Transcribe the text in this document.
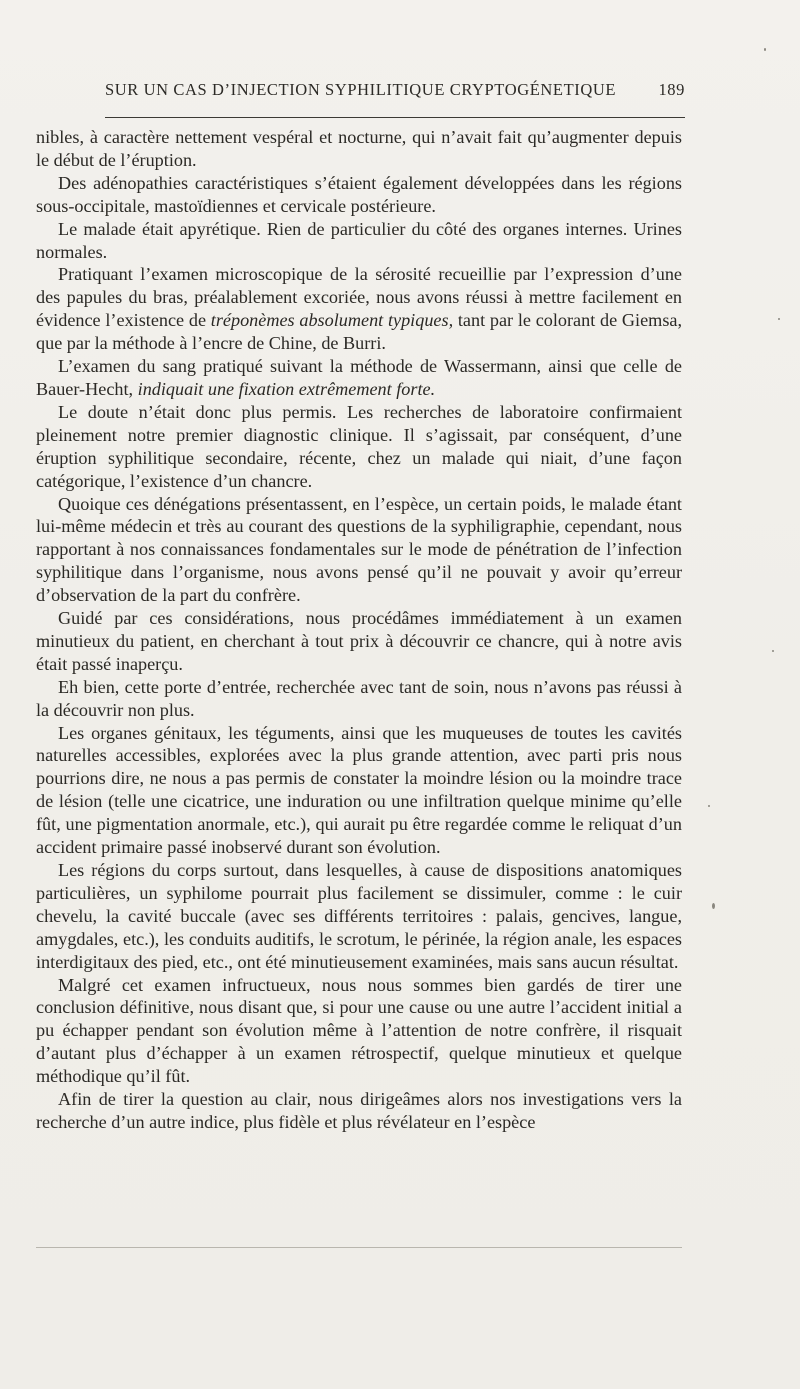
SUR UN CAS D’INJECTION SYPHILITIQUE CRYPTOGÉNETIQUE	189

nibles, à caractère nettement vespéral et nocturne, qui n’avait fait qu’augmenter depuis le début de l’éruption.

Des adénopathies caractéristiques s’étaient également développées dans les régions sous-occipitale, mastoïdiennes et cervicale postérieure.

Le malade était apyrétique. Rien de particulier du côté des organes internes. Urines normales.

Pratiquant l’examen microscopique de la sérosité recueillie par l’expression d’une des papules du bras, préalablement excoriée, nous avons réussi à mettre facilement en évidence l’existence de tréponèmes absolument typiques, tant par le colorant de Giemsa, que par la méthode à l’encre de Chine, de Burri.

L’examen du sang pratiqué suivant la méthode de Wassermann, ainsi que celle de Bauer-Hecht, indiquait une fixation extrêmement forte.

Le doute n’était donc plus permis. Les recherches de laboratoire confirmaient pleinement notre premier diagnostic clinique. Il s’agissait, par conséquent, d’une éruption syphilitique secondaire, récente, chez un malade qui niait, d’une façon catégorique, l’existence d’un chancre.

Quoique ces dénégations présentassent, en l’espèce, un certain poids, le malade étant lui-même médecin et très au courant des questions de la syphiligraphie, cependant, nous rapportant à nos connaissances fondamentales sur le mode de pénétration de l’infection syphilitique dans l’organisme, nous avons pensé qu’il ne pouvait y avoir qu’erreur d’observation de la part du confrère.

Guidé par ces considérations, nous procédâmes immédiatement à un examen minutieux du patient, en cherchant à tout prix à découvrir ce chancre, qui à notre avis était passé inaperçu.

Eh bien, cette porte d’entrée, recherchée avec tant de soin, nous n’avons pas réussi à la découvrir non plus.

Les organes génitaux, les téguments, ainsi que les muqueuses de toutes les cavités naturelles accessibles, explorées avec la plus grande attention, avec parti pris nous pourrions dire, ne nous a pas permis de constater la moindre lésion ou la moindre trace de lésion (telle une cicatrice, une induration ou une infiltration quelque minime qu’elle fût, une pigmentation anormale, etc.), qui aurait pu être regardée comme le reliquat d’un accident primaire passé inobservé durant son évolution.

Les régions du corps surtout, dans lesquelles, à cause de dispositions anatomiques particulières, un syphilome pourrait plus facilement se dissimuler, comme : le cuir chevelu, la cavité buccale (avec ses différents territoires : palais, gencives, langue, amygdales, etc.), les conduits auditifs, le scrotum, le périnée, la région anale, les espaces interdigitaux des pied, etc., ont été minutieusement examinées, mais sans aucun résultat.

Malgré cet examen infructueux, nous nous sommes bien gardés de tirer une conclusion définitive, nous disant que, si pour une cause ou une autre l’accident initial a pu échapper pendant son évolution même à l’attention de notre confrère, il risquait d’autant plus d’échapper à un examen rétrospectif, quelque minutieux et quelque méthodique qu’il fût.

Afin de tirer la question au clair, nous dirigeâmes alors nos investigations vers la recherche d’un autre indice, plus fidèle et plus révélateur en l’espèce
